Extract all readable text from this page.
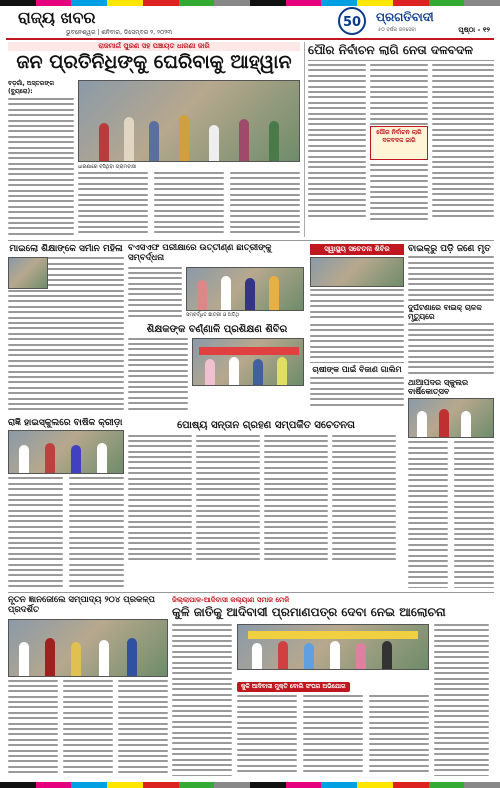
ରାଜ୍ୟ ଖବର
ଭୁବନେଶ୍ୱର | ଶନିବାର, ଡିସେମ୍ବର ୨, ୨୦୨୩
50 ପ୍ରଗତିବାଦୀ
୫୦ ବର୍ଷର ଜନସେବା	ପୃଷ୍ଠା - ୧୨
ରାଜମାର୍ଗ ପୁରଣ ସହ ପଞ୍ଚାୟତ ଧାରଣା ଜାରି
ଜନ ପ୍ରତିନିଧିଙ୍କୁ ଘେରିବାକୁ ଆହ୍ୱାନ
ବଡ଼ଗାଁ, ଅସ୍ତରଙ୍ଗ (ବ୍ୟୁରୋ):
ଧାରଣାରେ ବସିଥିବା ଗ୍ରାମବାସୀ
ପୌର ନିର୍ବାଚନ ଲାଗି ନେତା ଦଳବଦଳ
ପୌର ନିର୍ବାଚନ ଲାଗି ଦଳବଦଳ ଜାରି
ମାଇଲୋ ଶିକ୍ଷାଙ୍କେ ସର୍ମାନ ମହିଳା ବିଏସଏଫ ପରୀକ୍ଷାରେ ଉତ୍ତୀର୍ଣ୍ଣ ଛାତ୍ରୀଙ୍କୁ ସମ୍ବର୍ଦ୍ଧନା
ସମ୍ବର୍ଦ୍ଧିତ ଛାତ୍ରୀ ଓ ଅତିଥି
ସ୍ୱାସ୍ଥ୍ୟ ସଚେତନା ଶିବିର	ବାଇକ୍‌ରୁ ପଡ଼ି ଜଣେ ମୃତ
ଦୁର୍ଘଟଣାରେ ବାଇକ୍ ଚାଳକ ମୃତ୍ୟୁରେ
ଶିକ୍ଷକଙ୍କ ବର୍ଣ୍ଣାଳି ପ୍ରଶିକ୍ଷଣ ଶିବିର
ଚାଷୀଙ୍କ ପାଇଁ ବିଜାଣ ଗାଲିମ
ରାଜ୍ଞି ହାଇସ୍କୁଲରେ ବାର୍ଷିକ କ୍ରୀଡ଼ା	ପୋଷ୍ୟ ସନ୍ତାନ ଗ୍ରହଣ ସମ୍ପର୍କିତ ସଚେତନତା
ଥାଆପଦର ସ୍କୁଲର ବାର୍ଷିକୋତ୍ସବ
ନୂତନ ଜ୍ଞାନଜୌଲେ ସମ୍ପାଦ୍ୟ ୨୦୪ ପ୍ରକଳ୍ପ ପ୍ରଦର୍ଶିତ
ଜିଲ୍ଲାପାଳ-ଆଦିବାସୀ କଲ୍ୟାଣ ସମାଜ ମେଳି
କୁଳି ଜାତିକୁ ଆଦିବାସୀ ପ୍ରମାଣପତ୍ର ଦେବା ନେଇ ଆଲୋଚନା
କୁଳି ଆଦିବାସୀ ମୁକ୍ତି ବୋଲି ସଂଘର ଅଭିଯୋଗ
